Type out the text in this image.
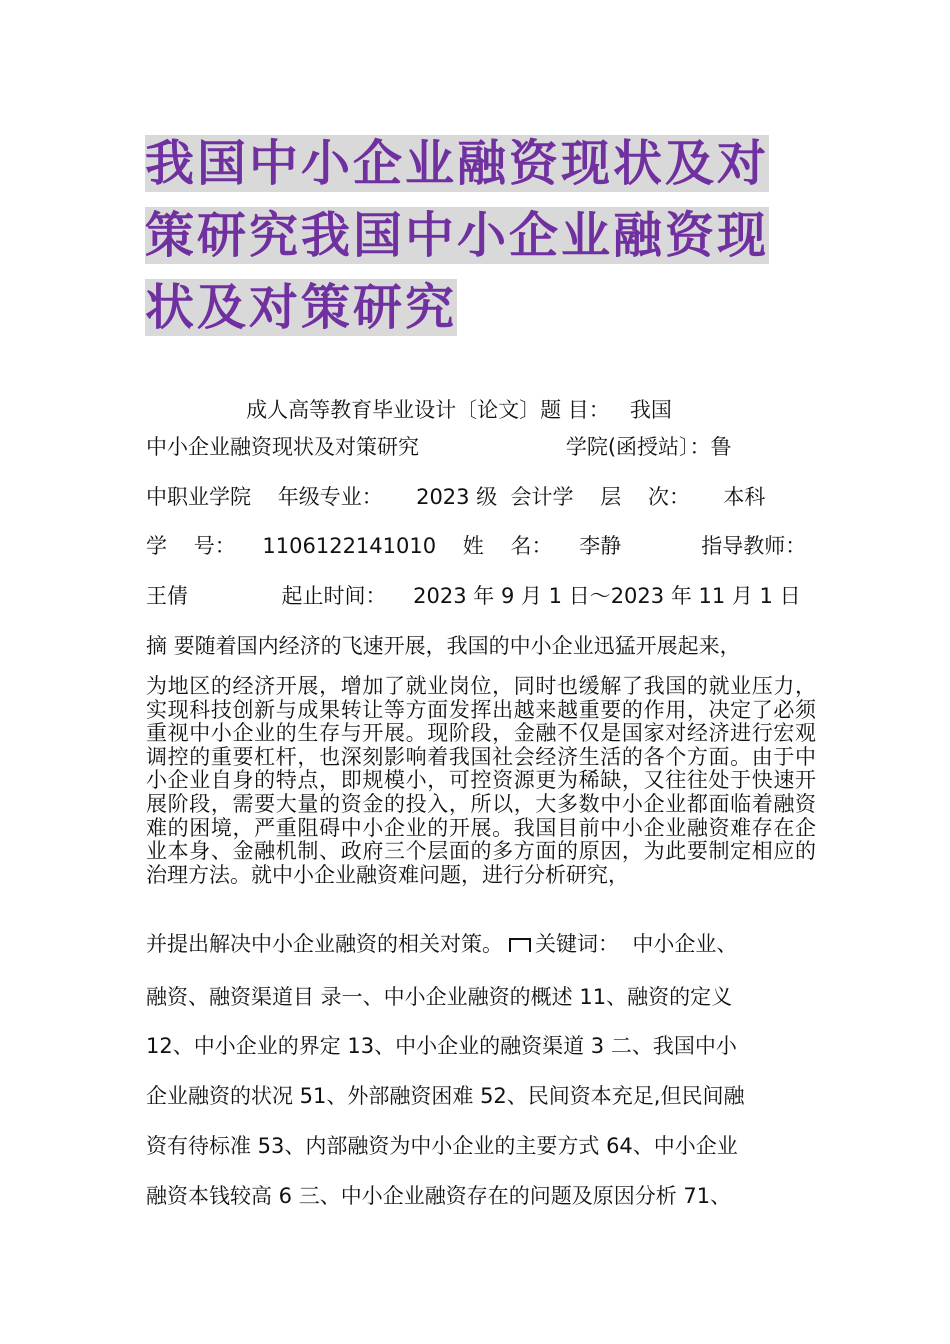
我国中小企业融资现状及对策研究我国中小企业融资现状及对策研究
成人高等教育毕业设计〔论文〕题 目：   我国
中小企业融资现状及对策研究                      学院(函授站〕：鲁
中职业学院    年级专业：     2023 级  会计学    层    次：     本科
学    号：    1106122141010    姓    名：    李静            指导教师：
王倩              起止时间：    2023 年 9 月 1 日～2023 年 11 月 1 日
摘 要随着国内经济的飞速开展，我国的中小企业迅猛开展起来，

为地区的经济开展，增加了就业岗位，同时也缓解了我国的就业压力，实现科技创新与成果转让等方面发挥出越来越重要的作用，决定了必须重视中小企业的生存与开展。现阶段，金融不仅是国家对经济进行宏观调控的重要杠杆，也深刻影响着我国社会经济生活的各个方面。由于中小企业自身的特点，即规模小，可控资源更为稀缺，又往往处于快速开展阶段，需要大量的资金的投入，所以，大多数中小企业都面临着融资难的困境，严重阻碍中小企业的开展。我国目前中小企业融资难存在企业本身、金融机制、政府三个层面的多方面的原因，为此要制定相应的治理方法。就中小企业融资难问题，进行分析研究，

并提出解决中小企业融资的相关对策。 关键词：  中小企业、
融资、融资渠道目 录一、中小企业融资的概述 11、融资的定义
12、中小企业的界定 13、中小企业的融资渠道 3 二、我国中小
企业融资的状况 51、外部融资困难 52、民间资本充足,但民间融
资有待标准 53、内部融资为中小企业的主要方式 64、中小企业
融资本钱较高 6 三、中小企业融资存在的问题及原因分析 71、
